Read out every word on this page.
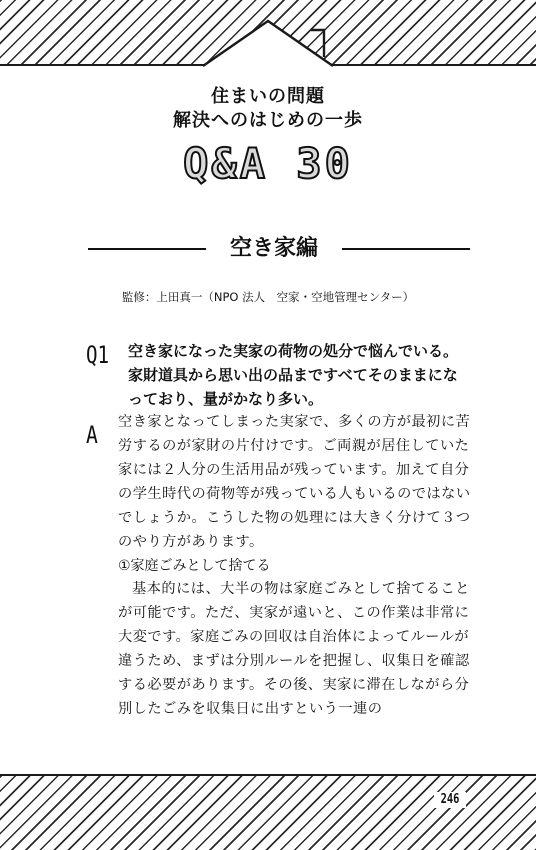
住まいの問題
解決へのはじめの一歩
Q&A 30
空き家編
監修：上田真一（NPO 法人　空家・空地管理センター）
Q1 空き家になった実家の荷物の処分で悩んでいる。家財道具から思い出の品まですべてそのままになっており、量がかなり多い。
A 空き家となってしまった実家で、多くの方が最初に苦労するのが家財の片付けです。ご両親が居住していた家には２人分の生活用品が残っています。加えて自分の学生時代の荷物等が残っている人もいるのではないでしょうか。こうした物の処理には大きく分けて３つのやり方があります。

①家庭ごみとして捨てる

基本的には、大半の物は家庭ごみとして捨てることが可能です。ただ、実家が遠いと、この作業は非常に大変です。家庭ごみの回収は自治体によってルールが違うため、まずは分別ルールを把握し、収集日を確認する必要があります。その後、実家に滞在しながら分別したごみを収集日に出すという一連の

246
